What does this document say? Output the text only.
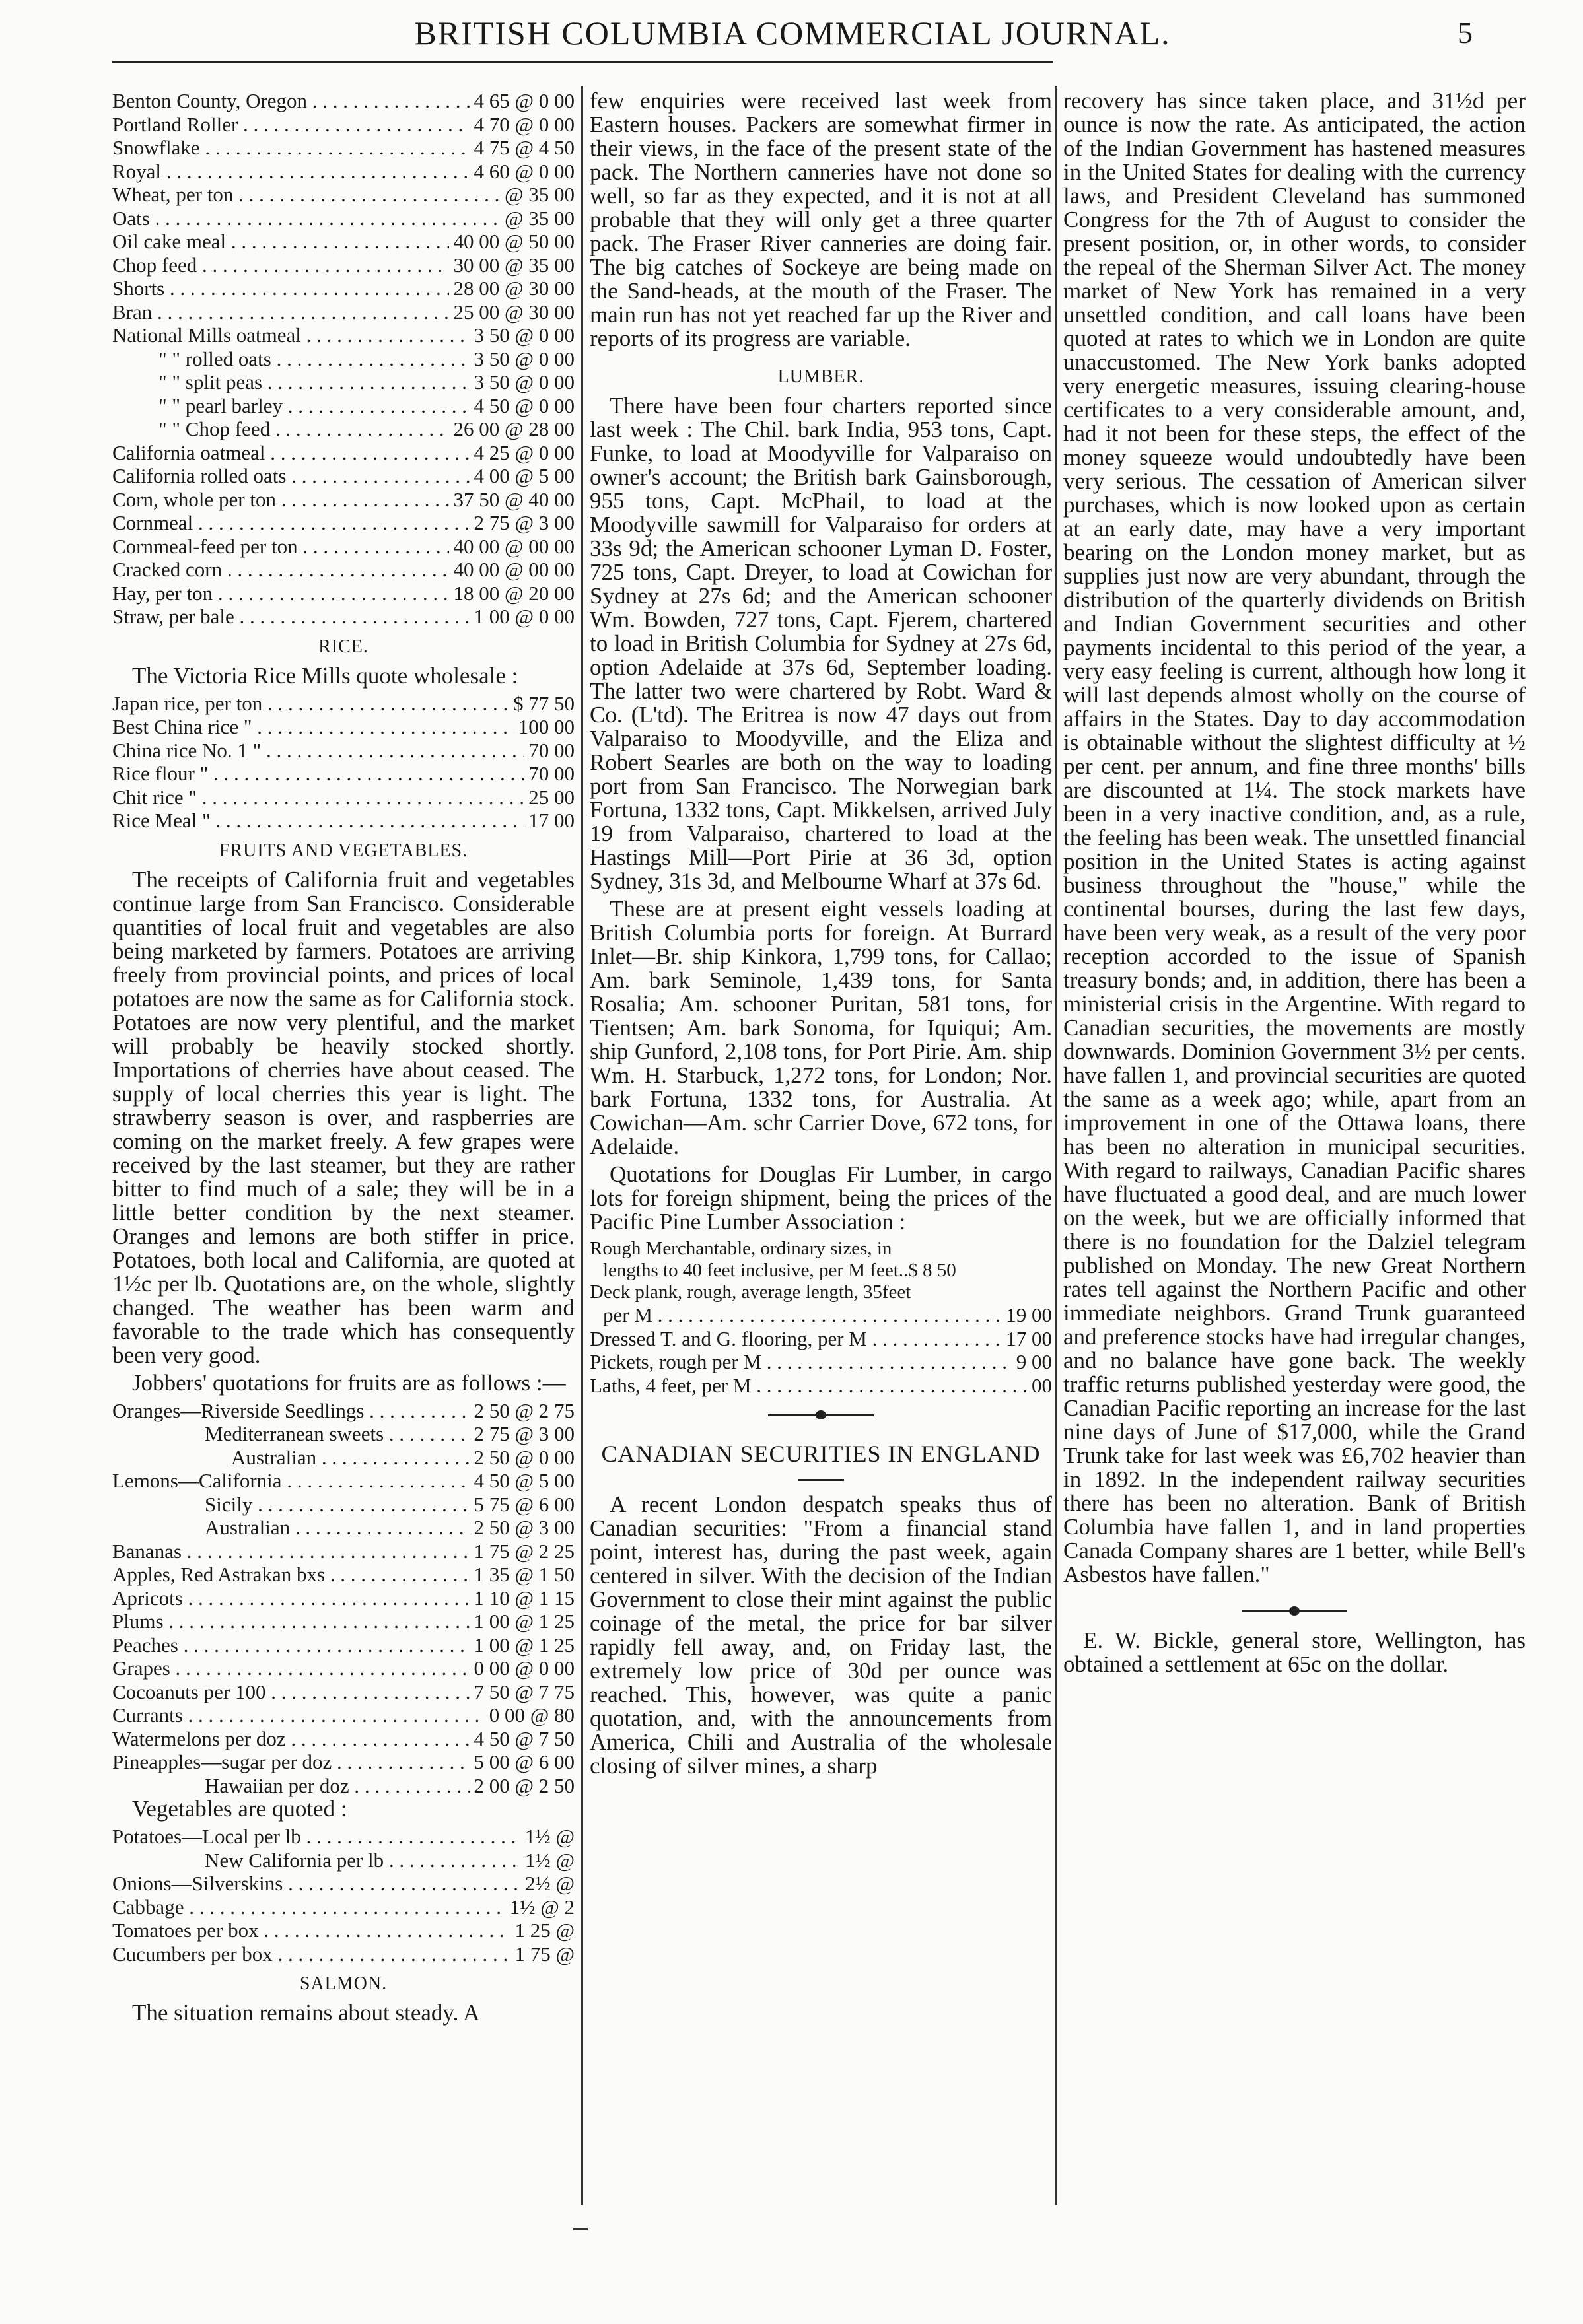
BRITISH COLUMBIA COMMERCIAL JOURNAL.	5
Benton County, Oregon . . .	4 65 @ 0 00
Portland Roller . . .	4 70 @ 0 00
Snowflake . . .	4 75 @ 4 50
Royal . . .	4 60 @ 0 00
Wheat, per ton . . .	@ 35 00
Oats . . .	@ 35 00
Oil cake meal . . .	40 00 @ 50 00
Chop feed . . .	30 00 @ 35 00
Shorts . . .	28 00 @ 30 00
Bran . . .	25 00 @ 30 00
National Mills oatmeal . . .	3 50 @ 0 00
" " rolled oats . . .	3 50 @ 0 00
" " split peas . . .	3 50 @ 0 00
" " pearl barley . . .	4 50 @ 0 00
" " Chop feed . . .	26 00 @ 28 00
California oatmeal . . .	4 25 @ 0 00
California rolled oats . . .	4 00 @ 5 00
Corn, whole per ton . . .	37 50 @ 40 00
Cornmeal . . .	2 75 @ 3 00
Cornmeal-feed per ton . . .	40 00 @ 00 00
Cracked corn . . .	40 00 @ 00 00
Hay, per ton . . .	18 00 @ 20 00
Straw, per bale . . .	1 00 @ 0 00
RICE.

The Victoria Rice Mills quote wholesale :

Japan rice, per ton . . .	$ 77 50
Best China rice " . . .	100 00
China rice No. 1 " . . .	70 00
Rice flour " . . .	70 00
Chit rice " . . .	25 00
Rice Meal " . . .	17 00
FRUITS AND VEGETABLES.

The receipts of California fruit and vegetables continue large from San Francisco. Considerable quantities of local fruit and vegetables are also being marketed by farmers. Potatoes are arriving freely from provincial points, and prices of local potatoes are now the same as for California stock. Potatoes are now very plentiful, and the market will probably be heavily stocked shortly. Importations of cherries have about ceased. The supply of local cherries this year is light. The strawberry season is over, and raspberries are coming on the market freely. A few grapes were received by the last steamer, but they are rather bitter to find much of a sale; they will be in a little better condition by the next steamer. Oranges and lemons are both stiffer in price. Potatoes, both local and California, are quoted at 1½c per lb. Quotations are, on the whole, slightly changed. The weather has been warm and favorable to the trade which has consequently been very good.

Jobbers' quotations for fruits are as follows :—

Oranges—Riverside Seedlings . . .	2 50 @ 2 75
Mediterranean sweets . . .	2 75 @ 3 00
Australian . . .	2 50 @ 0 00
Lemons—California . . .	4 50 @ 5 00
Sicily . . .	5 75 @ 6 00
Australian . . .	2 50 @ 3 00
Bananas . . .	1 75 @ 2 25
Apples, Red Astrakan bxs . . .	1 35 @ 1 50
Apricots . . .	1 10 @ 1 15
Plums . . .	1 00 @ 1 25
Peaches . . .	1 00 @ 1 25
Grapes . . .	0 00 @ 0 00
Cocoanuts per 100 . . .	7 50 @ 7 75
Currants . . .	0 00 @ 80
Watermelons per doz . . .	4 50 @ 7 50
Pineapples—sugar per doz . . .	5 00 @ 6 00
Hawaiian per doz . . .	2 00 @ 2 50

Vegetables are quoted :

Potatoes—Local per lb . . .	1½ @
New California per lb . . .	1½ @
Onions—Silverskins . . .	2½ @
Cabbage . . .	1½ @ 2
Tomatoes per box . . .	1 25 @
Cucumbers per box . . .	1 75 @
SALMON.

The situation remains about steady. A

few enquiries were received last week from Eastern houses. Packers are somewhat firmer in their views, in the face of the present state of the pack. The Northern canneries have not done so well, so far as they expected, and it is not at all probable that they will only get a three quarter pack. The Fraser River canneries are doing fair. The big catches of Sockeye are being made on the Sand-heads, at the mouth of the Fraser. The main run has not yet reached far up the River and reports of its progress are variable.

LUMBER.

There have been four charters reported since last week : The Chil. bark India, 953 tons, Capt. Funke, to load at Moodyville for Valparaiso on owner's account; the British bark Gainsborough, 955 tons, Capt. McPhail, to load at the Moodyville sawmill for Valparaiso for orders at 33s 9d; the American schooner Lyman D. Foster, 725 tons, Capt. Dreyer, to load at Cowichan for Sydney at 27s 6d; and the American schooner Wm. Bowden, 727 tons, Capt. Fjerem, chartered to load in British Columbia for Sydney at 27s 6d, option Adelaide at 37s 6d, September loading. The latter two were chartered by Robt. Ward & Co. (L'td). The Eritrea is now 47 days out from Valparaiso to Moodyville, and the Eliza and Robert Searles are both on the way to loading port from San Francisco. The Norwegian bark Fortuna, 1332 tons, Capt. Mikkelsen, arrived July 19 from Valparaiso, chartered to load at the Hastings Mill—Port Pirie at 36 3d, option Sydney, 31s 3d, and Melbourne Wharf at 37s 6d.

These are at present eight vessels loading at British Columbia ports for foreign. At Burrard Inlet—Br. ship Kinkora, 1,799 tons, for Callao; Am. bark Seminole, 1,439 tons, for Santa Rosalia; Am. schooner Puritan, 581 tons, for Tientsen; Am. bark Sonoma, for Iquiqui; Am. ship Gunford, 2,108 tons, for Port Pirie. Am. ship Wm. H. Starbuck, 1,272 tons, for London; Nor. bark Fortuna, 1332 tons, for Australia. At Cowichan—Am. schr Carrier Dove, 672 tons, for Adelaide.

Quotations for Douglas Fir Lumber, in cargo lots for foreign shipment, being the prices of the Pacific Pine Lumber Association :

Rough Merchantable, ordinary sizes, in
lengths to 40 feet inclusive, per M feet..$ 8 50
Deck plank, rough, average length, 35feet
per M . . .	19 00
Dressed T. and G. flooring, per M . . .	17 00
Pickets, rough per M . . .	9 00
Laths, 4 feet, per M . . .	00
CANADIAN SECURITIES IN ENGLAND

A recent London despatch speaks thus of Canadian securities: "From a financial stand point, interest has, during the past week, again centered in silver. With the decision of the Indian Government to close their mint against the public coinage of the metal, the price for bar silver rapidly fell away, and, on Friday last, the extremely low price of 30d per ounce was reached. This, however, was quite a panic quotation, and, with the announcements from America, Chili and Australia of the wholesale closing of silver mines, a sharp

recovery has since taken place, and 31½d per ounce is now the rate. As anticipated, the action of the Indian Government has hastened measures in the United States for dealing with the currency laws, and President Cleveland has summoned Congress for the 7th of August to consider the present position, or, in other words, to consider the repeal of the Sherman Silver Act. The money market of New York has remained in a very unsettled condition, and call loans have been quoted at rates to which we in London are quite unaccustomed. The New York banks adopted very energetic measures, issuing clearing-house certificates to a very considerable amount, and, had it not been for these steps, the effect of the money squeeze would undoubtedly have been very serious. The cessation of American silver purchases, which is now looked upon as certain at an early date, may have a very important bearing on the London money market, but as supplies just now are very abundant, through the distribution of the quarterly dividends on British and Indian Government securities and other payments incidental to this period of the year, a very easy feeling is current, although how long it will last depends almost wholly on the course of affairs in the States. Day to day accommodation is obtainable without the slightest difficulty at ½ per cent. per annum, and fine three months' bills are discounted at 1¼. The stock markets have been in a very inactive condition, and, as a rule, the feeling has been weak. The unsettled financial position in the United States is acting against business throughout the "house," while the continental bourses, during the last few days, have been very weak, as a result of the very poor reception accorded to the issue of Spanish treasury bonds; and, in addition, there has been a ministerial crisis in the Argentine. With regard to Canadian securities, the movements are mostly downwards. Dominion Government 3½ per cents. have fallen 1, and provincial securities are quoted the same as a week ago; while, apart from an improvement in one of the Ottawa loans, there has been no alteration in municipal securities. With regard to railways, Canadian Pacific shares have fluctuated a good deal, and are much lower on the week, but we are officially informed that there is no foundation for the Dalziel telegram published on Monday. The new Great Northern rates tell against the Northern Pacific and other immediate neighbors. Grand Trunk guaranteed and preference stocks have had irregular changes, and no balance have gone back. The weekly traffic returns published yesterday were good, the Canadian Pacific reporting an increase for the last nine days of June of $17,000, while the Grand Trunk take for last week was £6,702 heavier than in 1892. In the independent railway securities there has been no alteration. Bank of British Columbia have fallen 1, and in land properties Canada Company shares are 1 better, while Bell's Asbestos have fallen."

E. W. Bickle, general store, Wellington, has obtained a settlement at 65c on the dollar.
